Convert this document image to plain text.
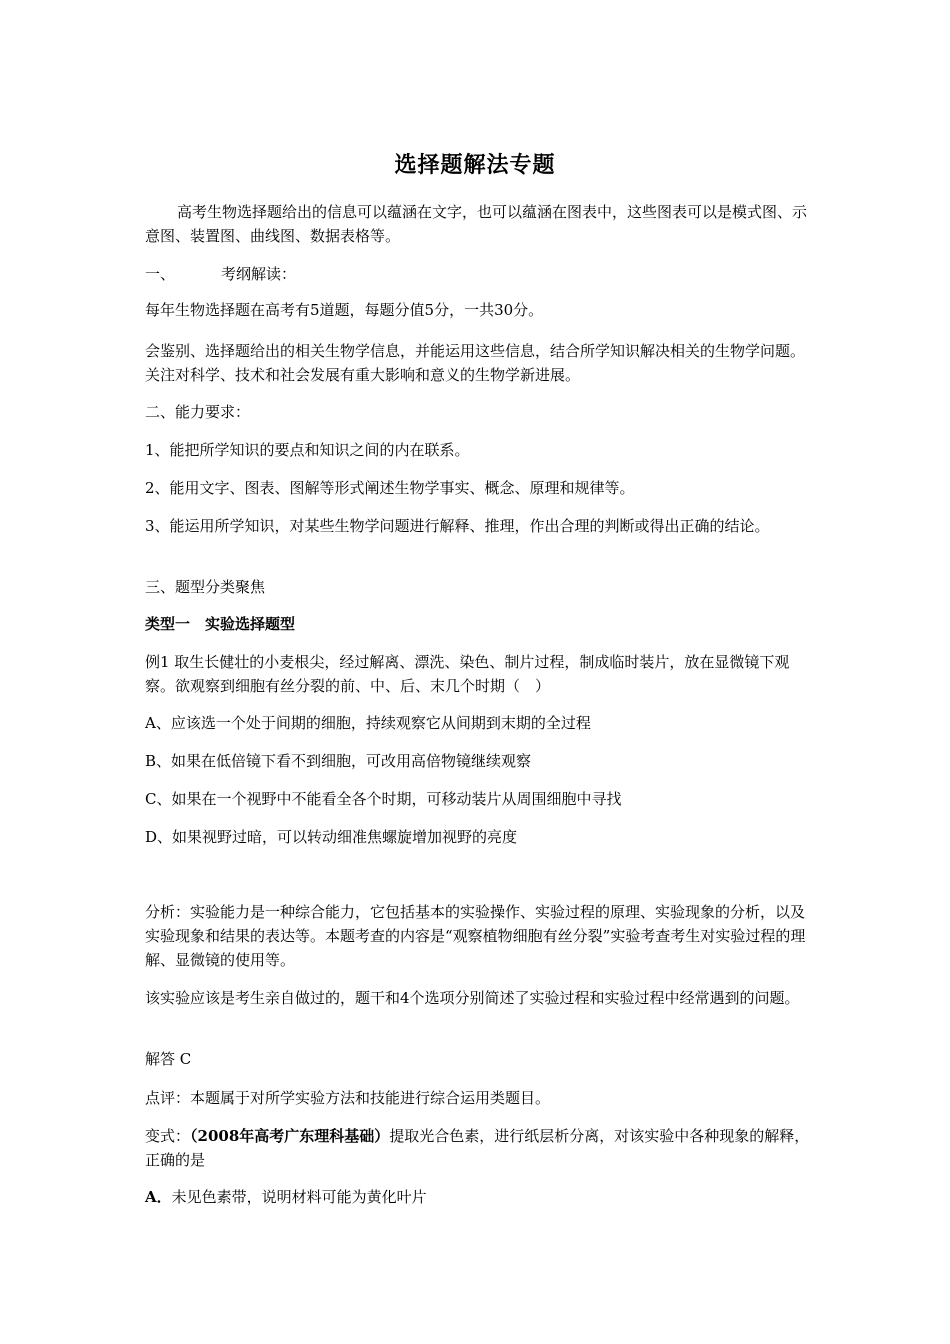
选择题解法专题

高考生物选择题给出的信息可以蕴涵在文字，也可以蕴涵在图表中，这些图表可以是模式图、示意图、装置图、曲线图、数据表格等。

一、	考纲解读：

每年生物选择题在高考有5道题，每题分值5分，一共30分。

会鉴别、选择题给出的相关生物学信息，并能运用这些信息，结合所学知识解决相关的生物学问题。关注对科学、技术和社会发展有重大影响和意义的生物学新进展。

二、能力要求：

1、能把所学知识的要点和知识之间的内在联系。

2、能用文字、图表、图解等形式阐述生物学事实、概念、原理和规律等。

3、能运用所学知识，对某些生物学问题进行解释、推理，作出合理的判断或得出正确的结论。

三、题型分类聚焦

类型一　实验选择题型

例1 取生长健壮的小麦根尖，经过解离、漂洗、染色、制片过程，制成临时装片，放在显微镜下观察。欲观察到细胞有丝分裂的前、中、后、末几个时期（　）

A、应该选一个处于间期的细胞，持续观察它从间期到末期的全过程

B、如果在低倍镜下看不到细胞，可改用高倍物镜继续观察

C、如果在一个视野中不能看全各个时期，可移动装片从周围细胞中寻找

D、如果视野过暗，可以转动细准焦螺旋增加视野的亮度

分析：实验能力是一种综合能力，它包括基本的实验操作、实验过程的原理、实验现象的分析，以及实验现象和结果的表达等。本题考查的内容是“观察植物细胞有丝分裂”实验考查考生对实验过程的理解、显微镜的使用等。

该实验应该是考生亲自做过的，题干和4个选项分别简述了实验过程和实验过程中经常遇到的问题。

解答 C

点评：本题属于对所学实验方法和技能进行综合运用类题目。

变式：（2008年高考广东理科基础）提取光合色素，进行纸层析分离，对该实验中各种现象的解释，正确的是

A．未见色素带，说明材料可能为黄化叶片
